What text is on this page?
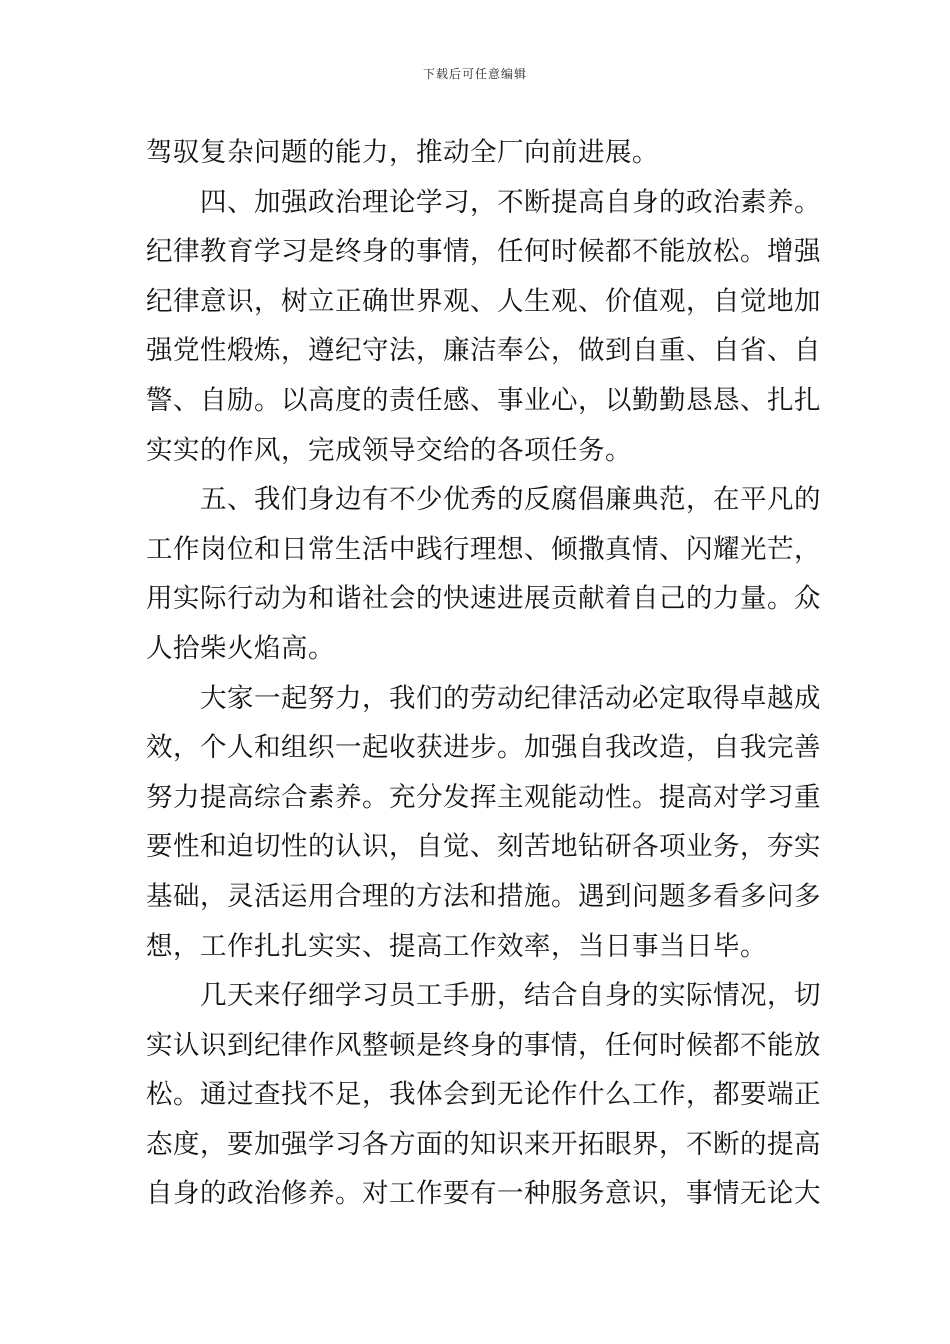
下载后可任意编辑
驾驭复杂问题的能力，推动全厂向前进展。
四、加强政治理论学习，不断提高自身的政治素养。
纪律教育学习是终身的事情，任何时候都不能放松。增强
纪律意识，树立正确世界观、人生观、价值观，自觉地加
强党性煅炼，遵纪守法，廉洁奉公，做到自重、自省、自
警、自励。以高度的责任感、事业心，以勤勤恳恳、扎扎
实实的作风，完成领导交给的各项任务。
五、我们身边有不少优秀的反腐倡廉典范，在平凡的
工作岗位和日常生活中践行理想、倾撒真情、闪耀光芒，
用实际行动为和谐社会的快速进展贡献着自己的力量。众
人拾柴火焰高。
大家一起努力，我们的劳动纪律活动必定取得卓越成
效，个人和组织一起收获进步。加强自我改造，自我完善
努力提高综合素养。充分发挥主观能动性。提高对学习重
要性和迫切性的认识，自觉、刻苦地钻研各项业务，夯实
基础，灵活运用合理的方法和措施。遇到问题多看多问多
想，工作扎扎实实、提高工作效率，当日事当日毕。
几天来仔细学习员工手册，结合自身的实际情况，切
实认识到纪律作风整顿是终身的事情，任何时候都不能放
松。通过查找不足，我体会到无论作什么工作，都要端正
态度，要加强学习各方面的知识来开拓眼界，不断的提高
自身的政治修养。对工作要有一种服务意识，事情无论大
